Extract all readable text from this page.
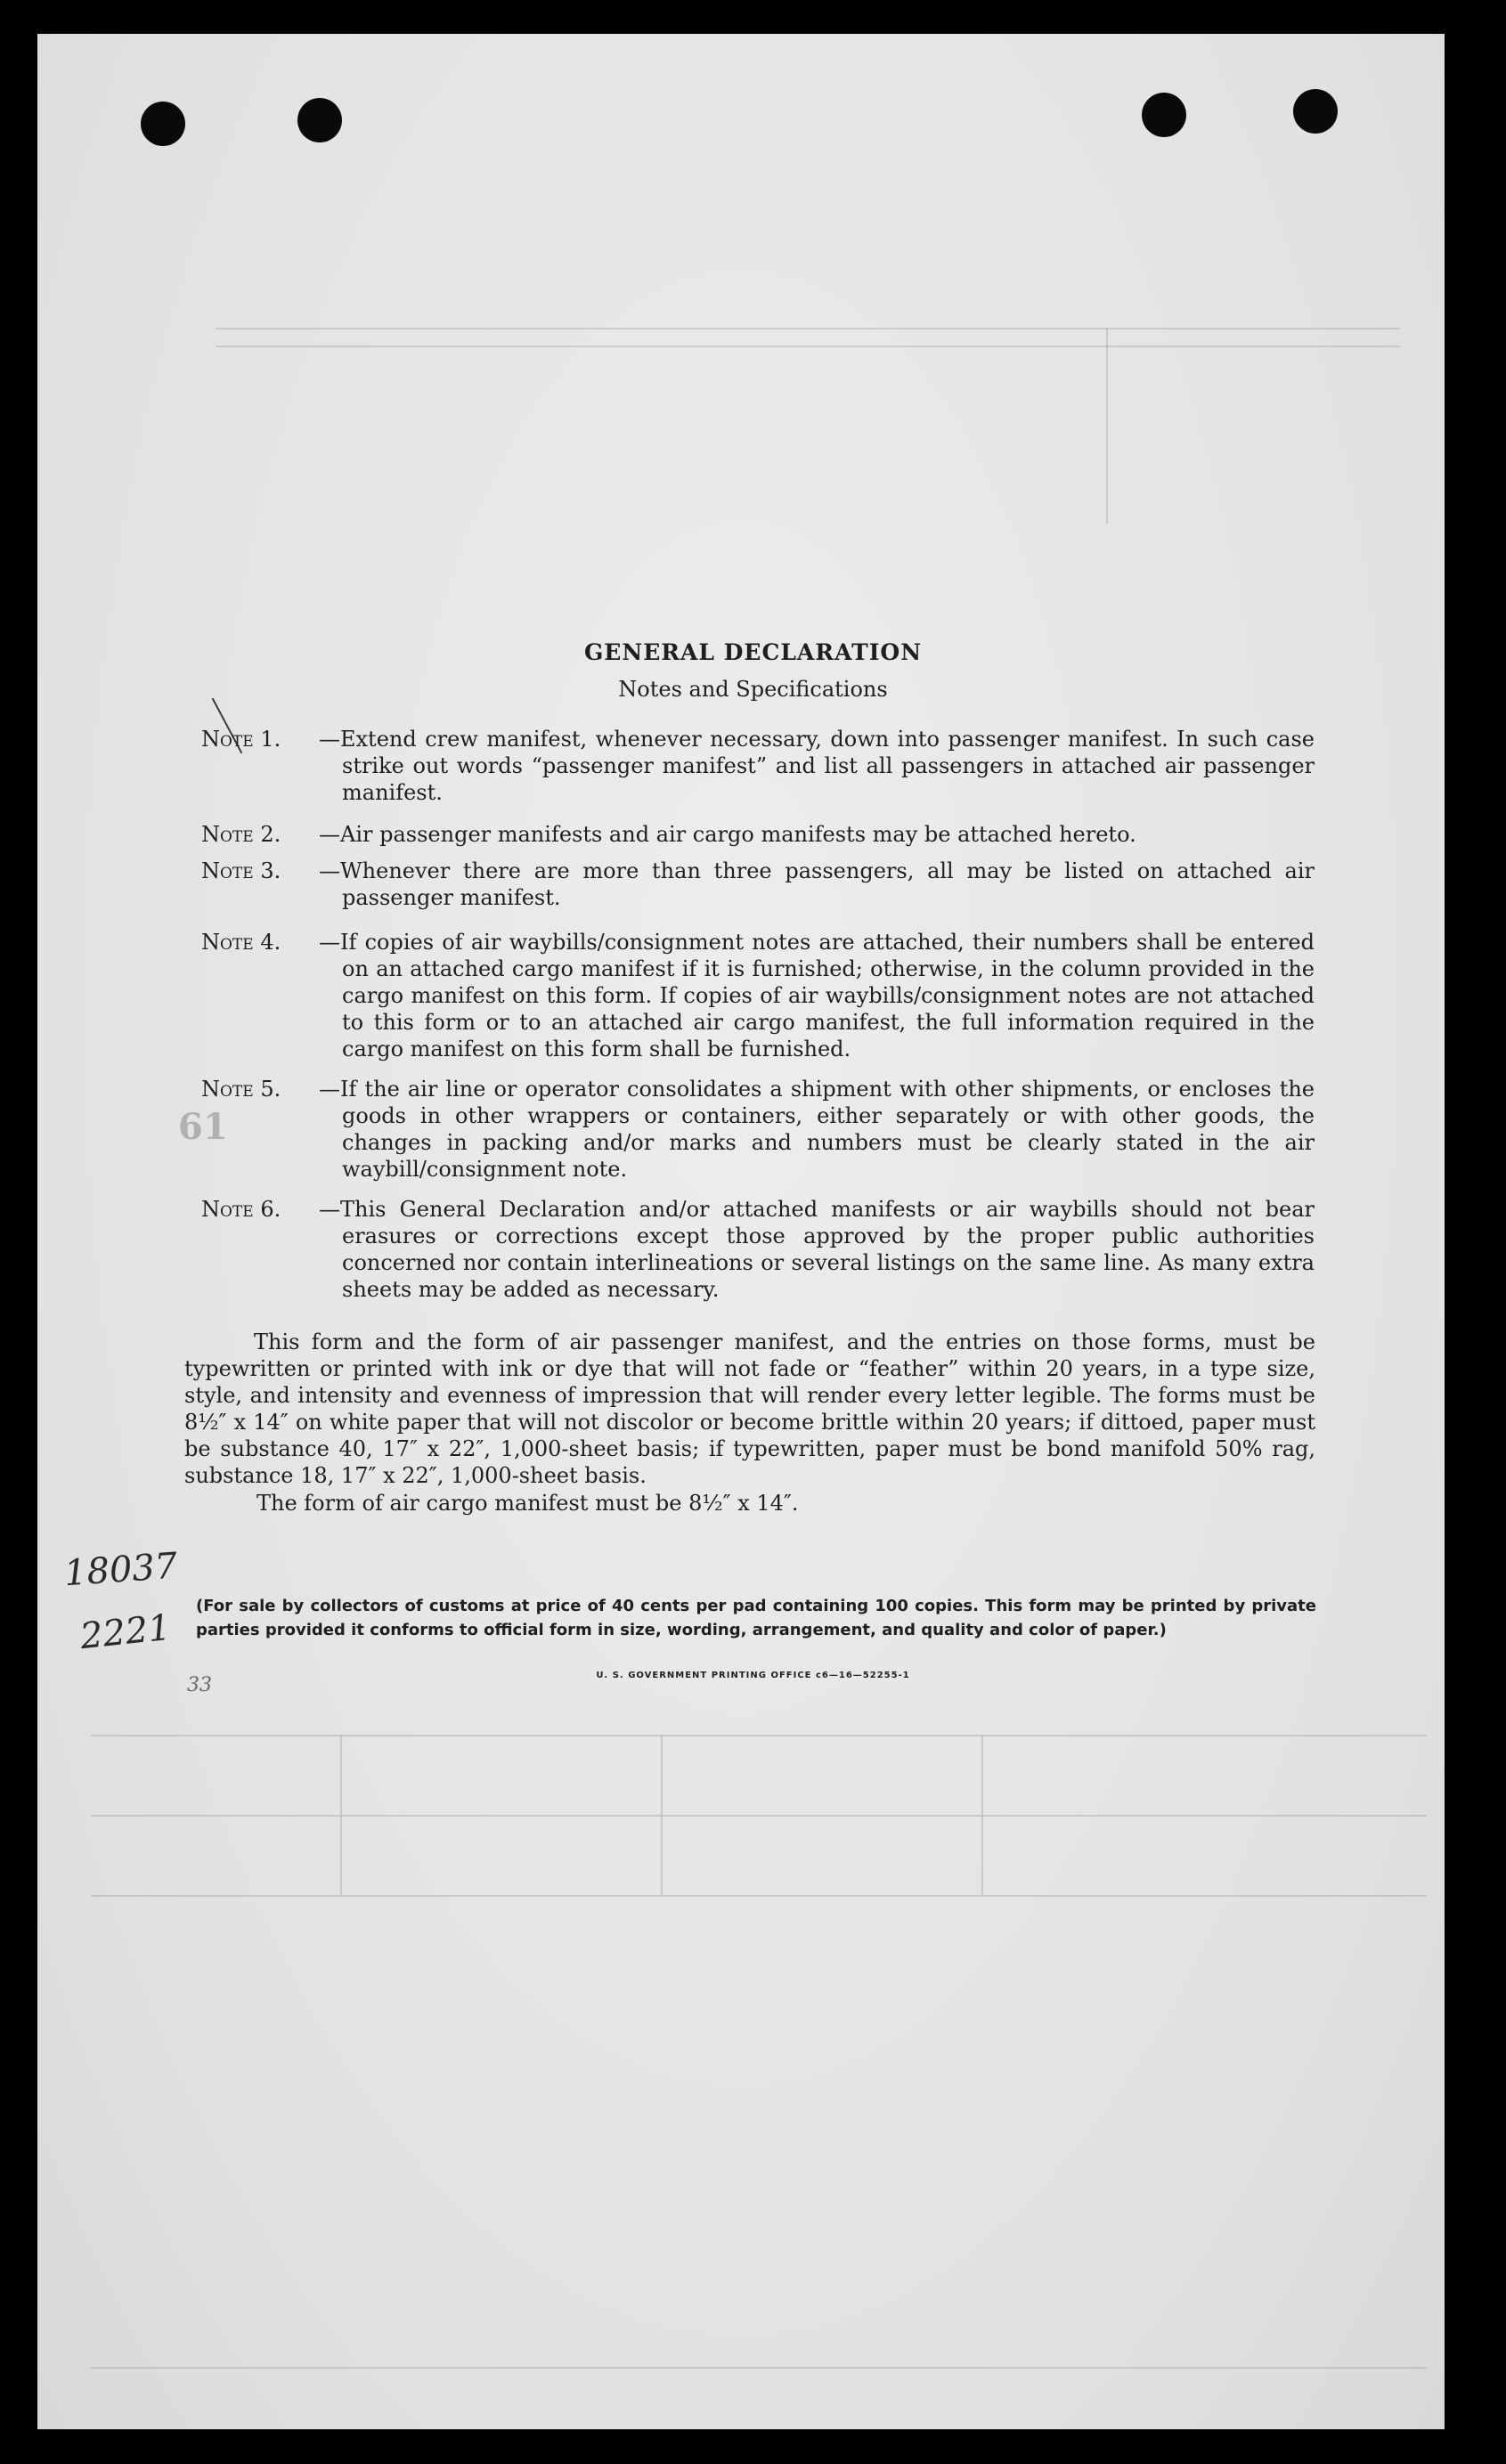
GENERAL DECLARATION
Notes and Specifications
Note 1. —Extend crew manifest, whenever necessary, down into passenger manifest. In such case strike out words “passenger manifest” and list all passengers in attached air passenger manifest.
Note 2. —Air passenger manifests and air cargo manifests may be attached hereto.
Note 3. —Whenever there are more than three passengers, all may be listed on attached air passenger manifest.
Note 4. —If copies of air waybills/consignment notes are attached, their numbers shall be entered on an attached cargo manifest if it is furnished; otherwise, in the column provided in the cargo manifest on this form. If copies of air waybills/consignment notes are not attached to this form or to an attached air cargo manifest, the full information required in the cargo manifest on this form shall be furnished.
Note 5. —If the air line or operator consolidates a shipment with other shipments, or encloses the goods in other wrappers or containers, either separately or with other goods, the changes in packing and/or marks and numbers must be clearly stated in the air waybill/consignment note.
Note 6. —This General Declaration and/or attached manifests or air waybills should not bear erasures or corrections except those approved by the proper public authorities concerned nor contain interlineations or several listings on the same line. As many extra sheets may be added as necessary.
This form and the form of air passenger manifest, and the entries on those forms, must be typewritten or printed with ink or dye that will not fade or “feather” within 20 years, in a type size, style, and intensity and evenness of impression that will render every letter legible. The forms must be 8½″ x 14″ on white paper that will not discolor or become brittle within 20 years; if dittoed, paper must be substance 40, 17″ x 22″, 1,000-sheet basis; if typewritten, paper must be bond manifold 50% rag, substance 18, 17″ x 22″, 1,000-sheet basis.
The form of air cargo manifest must be 8½″ x 14″.
(For sale by collectors of customs at price of 40 cents per pad containing 100 copies. This form may be printed by private parties provided it conforms to official form in size, wording, arrangement, and quality and color of paper.)
U. S. GOVERNMENT PRINTING OFFICE c6—16—52255-1
61
18037
2221
33
